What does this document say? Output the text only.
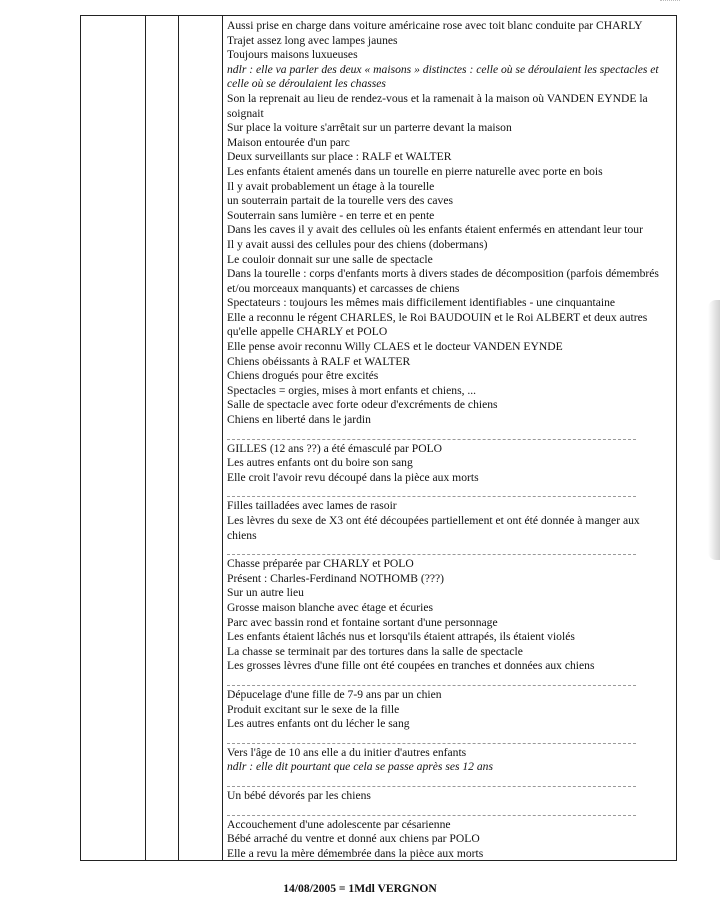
Aussi prise en charge dans voiture américaine rose avec toit blanc conduite par CHARLY
Trajet assez long avec lampes jaunes
Toujours maisons luxueuses
ndlr : elle va parler des deux « maisons » distinctes : celle où se déroulaient les spectacles et celle où se déroulaient les chasses
Son la reprenait au lieu de rendez-vous et la ramenait à la maison où VANDEN EYNDE la soignait
Sur place la voiture s'arrêtait sur un parterre devant la maison
Maison entourée d'un parc
Deux surveillants sur place : RALF et WALTER
Les enfants étaient amenés dans un tourelle en pierre naturelle avec porte en bois
Il y avait probablement un étage à la tourelle
un souterrain partait de la tourelle vers des caves
Souterrain sans lumière - en terre et en pente
Dans les caves il y avait des cellules où les enfants étaient enfermés en attendant leur tour
Il y avait aussi des cellules pour des chiens (dobermans)
Le couloir donnait sur une salle de spectacle
Dans la tourelle : corps d'enfants morts à divers stades de décomposition (parfois démembrés et/ou morceaux manquants) et carcasses de chiens
Spectateurs : toujours les mêmes mais difficilement identifiables - une cinquantaine
Elle a reconnu le régent CHARLES, le Roi BAUDOUIN et le Roi ALBERT et deux autres qu'elle appelle CHARLY et POLO
Elle pense avoir reconnu Willy CLAES et le docteur VANDEN EYNDE
Chiens obéissants à RALF et WALTER
Chiens drogués pour être excités
Spectacles = orgies, mises à mort enfants et chiens, ...
Salle de spectacle avec forte odeur d'excréments de chiens
Chiens en liberté dans le jardin
GILLES (12 ans ??) a été émasculé par POLO
Les autres enfants ont du boire son sang
Elle croit l'avoir revu découpé dans la pièce aux morts
Filles tailladées avec lames de rasoir
Les lèvres du sexe de X3 ont été découpées partiellement et ont été donnée à manger aux chiens
Chasse préparée par CHARLY et POLO
Présent : Charles-Ferdinand NOTHOMB (???)
Sur un autre lieu
Grosse maison blanche avec étage et écuries
Parc avec bassin rond et fontaine sortant d'une personnage
Les enfants étaient lâchés nus et lorsqu'ils étaient attrapés, ils étaient violés
La chasse se terminait par des tortures dans la salle de spectacle
Les grosses lèvres d'une fille ont été coupées en tranches et données aux chiens
Dépucelage d'une fille de 7-9 ans par un chien
Produit excitant sur le sexe de la fille
Les autres enfants ont du lécher le sang
Vers l'âge de 10 ans elle a du initier d'autres enfants
ndlr : elle dit pourtant que cela se passe après ses 12 ans
Un bébé dévorés par les chiens
Accouchement d'une adolescente par césarienne
Bébé arraché du ventre et donné aux chiens par POLO
Elle a revu la mère démembrée dans la pièce aux morts
14/08/2005 = 1Mdl VERGNON
